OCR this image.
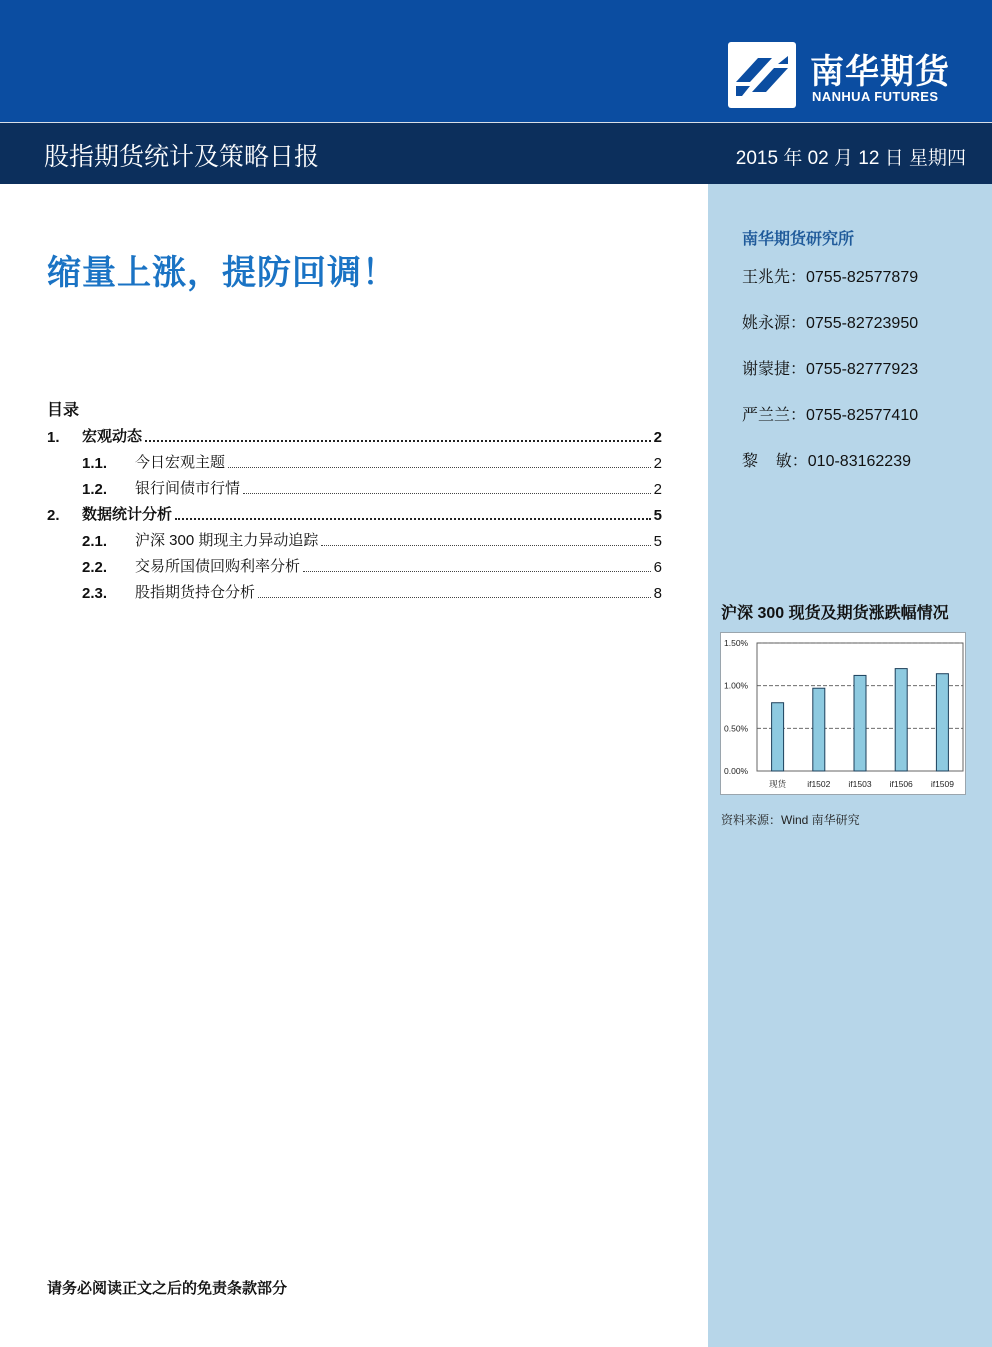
南华期货
NANHUA FUTURES
股指期货统计及策略日报	2015 年 02 月 12 日 星期四
南华期货研究所
王兆先：0755-82577879
姚永源：0755-82723950
谢蒙捷：0755-82777923
严兰兰：0755-82577410
黎    敏：010-83162239
缩量上涨，提防回调！
目录
1.	宏观动态	2
1.1.	今日宏观主题	2
1.2.	银行间债市行情	2
2.	数据统计分析	5
2.1.	沪深 300 期现主力异动追踪	5
2.2.	交易所国债回购利率分析	6
2.3.	股指期货持仓分析	8
沪深 300 现货及期货涨跌幅情况
0.00%
0.50%
1.00%
1.50%
现货 if1502 if1503 if1506 if1509
资料来源：Wind 南华研究
请务必阅读正文之后的免责条款部分
